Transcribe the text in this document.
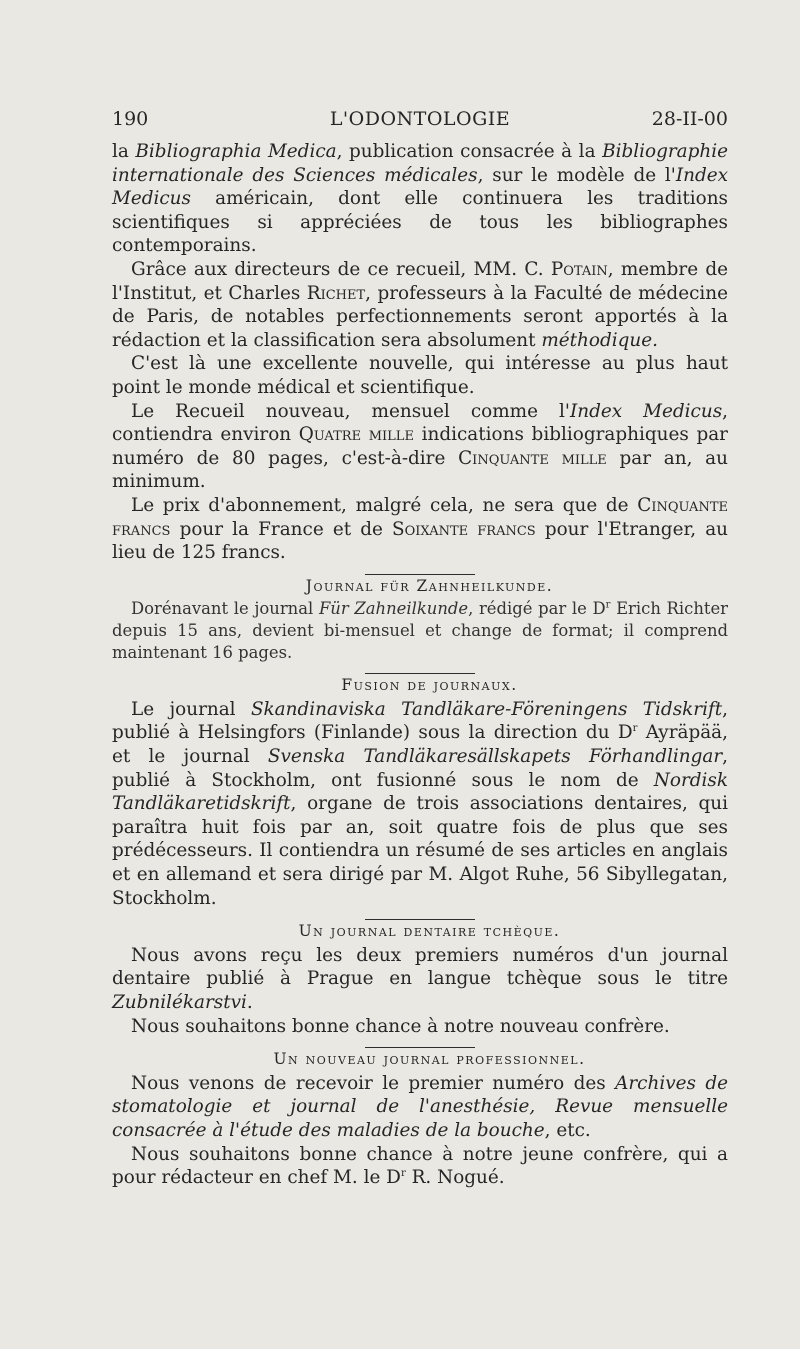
190	L'ODONTOLOGIE	28-II-00

la Bibliographia Medica, publication consacrée à la Bibliographie internationale des Sciences médicales, sur le modèle de l'Index Medicus américain, dont elle continuera les traditions scientifiques si appréciées de tous les bibliographes contemporains.

Grâce aux directeurs de ce recueil, MM. C. Potain, membre de l'Institut, et Charles Richet, professeurs à la Faculté de médecine de Paris, de notables perfectionnements seront apportés à la rédaction et la classification sera absolument méthodique.

C'est là une excellente nouvelle, qui intéresse au plus haut point le monde médical et scientifique.

Le Recueil nouveau, mensuel comme l'Index Medicus, contiendra environ Quatre mille indications bibliographiques par numéro de 80 pages, c'est-à-dire Cinquante mille par an, au minimum.

Le prix d'abonnement, malgré cela, ne sera que de Cinquante francs pour la France et de Soixante francs pour l'Etranger, au lieu de 125 francs.

Journal für Zahnheilkunde.

Dorénavant le journal Für Zahneilkunde, rédigé par le $D^r$ Erich Richter depuis 15 ans, devient bi-mensuel et change de format; il comprend maintenant 16 pages.

Fusion de journaux.

Le journal Skandinaviska Tandläkare-Föreningens Tidskrift, publié à Helsingfors (Finlande) sous la direction du $D^r$ Ayräpää, et le journal Svenska Tandläkaresällskapets Förhandlingar, publié à Stockholm, ont fusionné sous le nom de Nordisk Tandläkaretidskrift, organe de trois associations dentaires, qui paraîtra huit fois par an, soit quatre fois de plus que ses prédécesseurs. Il contiendra un résumé de ses articles en anglais et en allemand et sera dirigé par M. Algot Ruhe, 56 Sibyllegatan, Stockholm.

Un journal dentaire tchèque.

Nous avons reçu les deux premiers numéros d'un journal dentaire publié à Prague en langue tchèque sous le titre Zubnilékarstvi.

Nous souhaitons bonne chance à notre nouveau confrère.

Un nouveau journal professionnel.

Nous venons de recevoir le premier numéro des Archives de stomatologie et journal de l'anesthésie, Revue mensuelle consacrée à l'étude des maladies de la bouche, etc.

Nous souhaitons bonne chance à notre jeune confrère, qui a pour rédacteur en chef M. le $D^r$ R. Nogué.
